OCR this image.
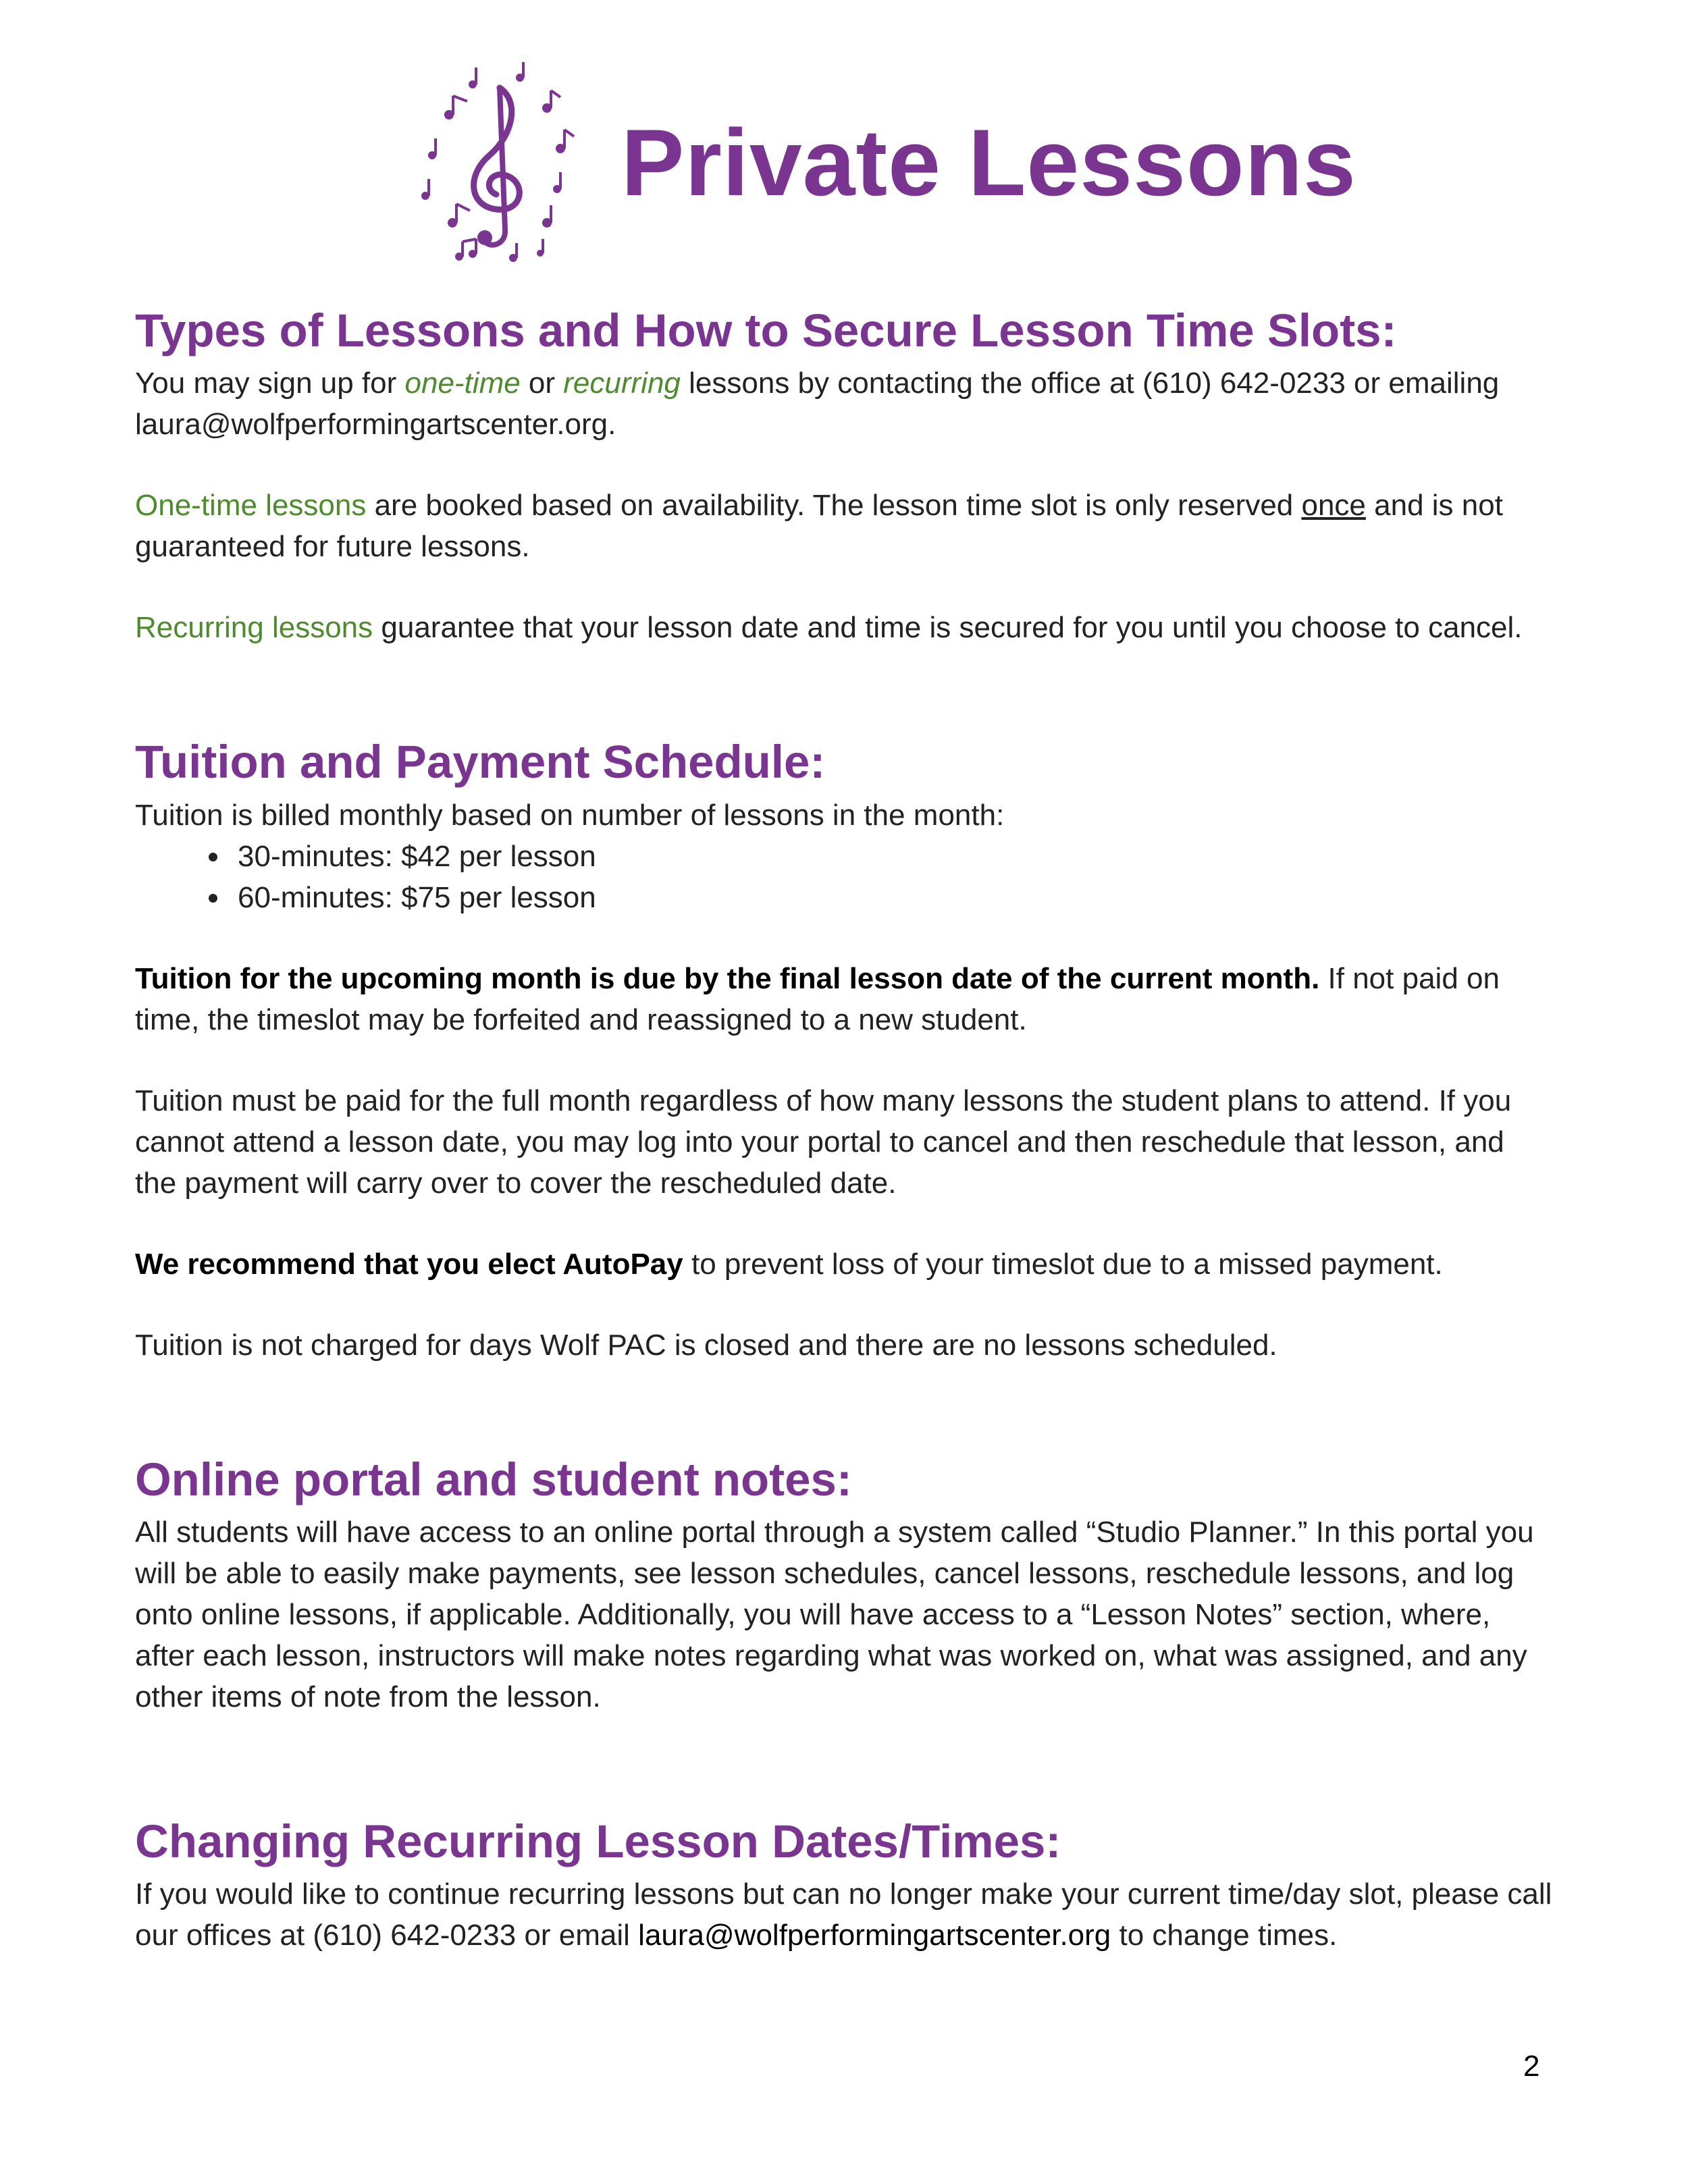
Private Lessons
Types of Lessons and How to Secure Lesson Time Slots:

You may sign up for one-time or recurring lessons by contacting the office at (610) 642-0233 or emailing laura@wolfperformingartscenter.org.

One-time lessons are booked based on availability. The lesson time slot is only reserved once and is not guaranteed for future lessons.

Recurring lessons guarantee that your lesson date and time is secured for you until you choose to cancel.

Tuition and Payment Schedule:

Tuition is billed monthly based on number of lessons in the month:

• 30-minutes: $42 per lesson
• 60-minutes: $75 per lesson

Tuition for the upcoming month is due by the final lesson date of the current month. If not paid on time, the timeslot may be forfeited and reassigned to a new student.

Tuition must be paid for the full month regardless of how many lessons the student plans to attend. If you cannot attend a lesson date, you may log into your portal to cancel and then reschedule that lesson, and the payment will carry over to cover the rescheduled date.

We recommend that you elect AutoPay to prevent loss of your timeslot due to a missed payment.

Tuition is not charged for days Wolf PAC is closed and there are no lessons scheduled.

Online portal and student notes:

All students will have access to an online portal through a system called “Studio Planner.” In this portal you will be able to easily make payments, see lesson schedules, cancel lessons, reschedule lessons, and log onto online lessons, if applicable. Additionally, you will have access to a “Lesson Notes” section, where, after each lesson, instructors will make notes regarding what was worked on, what was assigned, and any other items of note from the lesson.

Changing Recurring Lesson Dates/Times:

If you would like to continue recurring lessons but can no longer make your current time/day slot, please call our offices at (610) 642-0233 or email laura@wolfperformingartscenter.org to change times.

2
